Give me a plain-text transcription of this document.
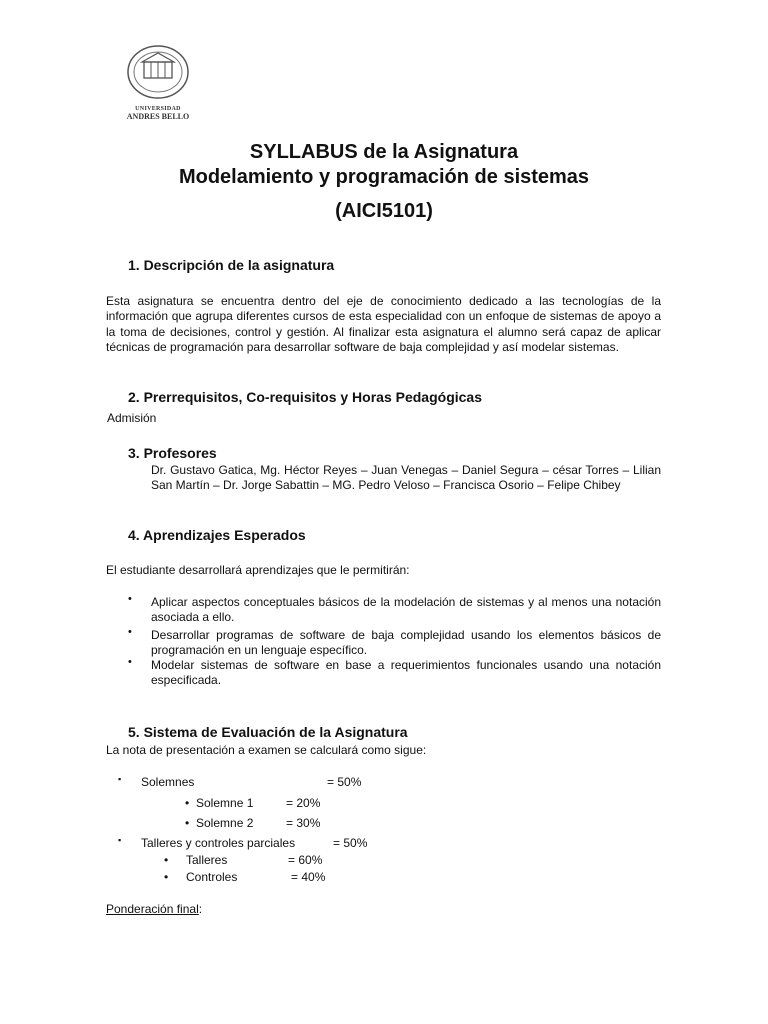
UNIVERSIDAD
ANDRES BELLO
SYLLABUS de la Asignatura
Modelamiento y programación de sistemas
(AICI5101)
1. Descripción de la asignatura
Esta asignatura se encuentra dentro del eje de conocimiento dedicado a las tecnologías de la información que agrupa diferentes cursos de esta especialidad con un enfoque de sistemas de apoyo a la toma de decisiones, control y gestión. Al finalizar esta asignatura el alumno será capaz de aplicar técnicas de programación para desarrollar software de baja complejidad y así modelar sistemas.
2. Prerrequisitos, Co-requisitos y Horas Pedagógicas
Admisión
3. Profesores
Dr. Gustavo Gatica, Mg. Héctor Reyes – Juan Venegas – Daniel Segura – césar Torres – Lilian San Martín – Dr. Jorge Sabattin – MG. Pedro Veloso – Francisca Osorio – Felipe Chibey
4. Aprendizajes Esperados
El estudiante desarrollará aprendizajes que le permitirán:
• Aplicar aspectos conceptuales básicos de la modelación de sistemas y al menos una notación asociada a ello.
• Desarrollar programas de software de baja complejidad usando los elementos básicos de programación en un lenguaje específico.
• Modelar sistemas de software en base a requerimientos funcionales usando una notación especificada.
5. Sistema de Evaluación de la Asignatura
La nota de presentación a examen se calculará como sigue:
▪ Solemnes	= 50%
• Solemne 1	= 20%
• Solemne 2	= 30%
▪ Talleres y controles parciales	= 50%
• Talleres	= 60%
• Controles	= 40%
Ponderación final:
